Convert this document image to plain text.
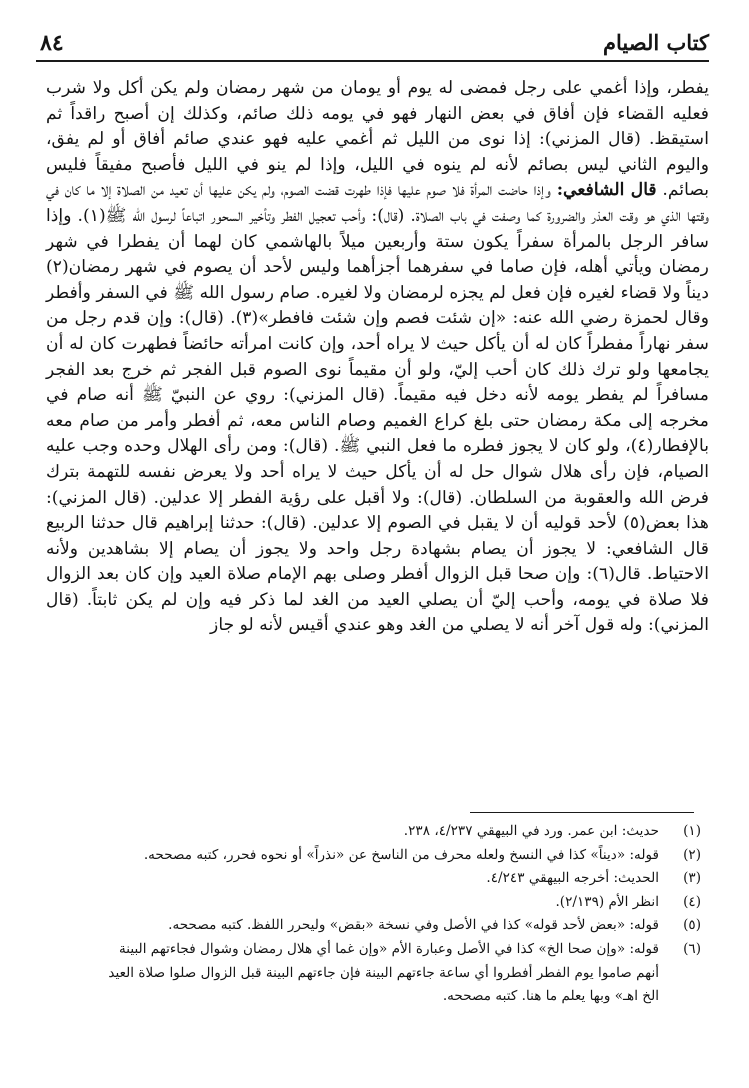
٨٤	كتاب الصيام

يفطر، وإذا أغمي على رجل فمضى له يوم أو يومان من شهر رمضان ولم يكن أكل ولا شرب فعليه القضاء فإن أفاق في بعض النهار فهو في يومه ذلك صائم، وكذلك إن أصبح راقداً ثم استيقظ. (قال المزني): إذا نوى من الليل ثم أغمي عليه فهو عندي صائم أفاق أو لم يفق، واليوم الثاني ليس بصائم لأنه لم ينوه في الليل، وإذا لم ينو في الليل فأصبح مفيقاً فليس بصائم. قال الشافعي: وإذا حاضت المرأة فلا صوم عليها فإذا طهرت قضت الصوم، ولم يكن عليها أن تعيد من الصلاة إلا ما كان في وقتها الذي هو وقت العذر والضرورة كما وصفت في باب الصلاة. (قال): وأحب تعجيل الفطر وتأخير السحور اتباعاً لرسول الله ﷺ(١). وإذا سافر الرجل بالمرأة سفراً يكون ستة وأربعين ميلاً بالهاشمي كان لهما أن يفطرا في شهر رمضان ويأتي أهله، فإن صاما في سفرهما أجزأهما وليس لأحد أن يصوم في شهر رمضان(٢) ديناً ولا قضاء لغيره فإن فعل لم يجزه لرمضان ولا لغيره. صام رسول الله ﷺ في السفر وأفطر وقال لحمزة رضي الله عنه: «إن شئت فصم وإن شئت فافطر»(٣). (قال): وإن قدم رجل من سفر نهاراً مفطراً كان له أن يأكل حيث لا يراه أحد، وإن كانت امرأته حائضاً فطهرت كان له أن يجامعها ولو ترك ذلك كان أحب إليّ، ولو أن مقيماً نوى الصوم قبل الفجر ثم خرج بعد الفجر مسافراً لم يفطر يومه لأنه دخل فيه مقيماً. (قال المزني): روي عن النبيّ ﷺ أنه صام في مخرجه إلى مكة رمضان حتى بلغ كراع الغميم وصام الناس معه، ثم أفطر وأمر من صام معه بالإفطار(٤)، ولو كان لا يجوز فطره ما فعل النبي ﷺ. (قال): ومن رأى الهلال وحده وجب عليه الصيام، فإن رأى هلال شوال حل له أن يأكل حيث لا يراه أحد ولا يعرض نفسه للتهمة بترك فرض الله والعقوبة من السلطان. (قال): ولا أقبل على رؤية الفطر إلا عدلين. (قال المزني): هذا بعض(٥) لأحد قوليه أن لا يقبل في الصوم إلا عدلين. (قال): حدثنا إبراهيم قال حدثنا الربيع قال الشافعي: لا يجوز أن يصام بشهادة رجل واحد ولا يجوز أن يصام إلا بشاهدين ولأنه الاحتياط. قال(٦): وإن صحا قبل الزوال أفطر وصلى بهم الإمام صلاة العيد وإن كان بعد الزوال فلا صلاة في يومه، وأحب إليّ أن يصلي العيد من الغد لما ذكر فيه وإن لم يكن ثابتاً. (قال المزني): وله قول آخر أنه لا يصلي من الغد وهو عندي أقيس لأنه لو جاز

(١)
حديث: ابن عمر. ورد في البيهقي ٤/٢٣٧، ٢٣٨.
(٢)
قوله: «ديناً» كذا في النسخ ولعله محرف من الناسخ عن «نذراً» أو نحوه فحرر، كتبه مصححه.
(٣)
الحديث: أخرجه البيهقي ٤/٢٤٣.
(٤)
انظر الأم (٢/١٣٩).
(٥)
قوله: «بعض لأحد قوله» كذا في الأصل وفي نسخة «بقض» وليحرر اللفظ. كتبه مصححه.
(٦)
قوله: «وإن صحا الخ» كذا في الأصل وعبارة الأم «وإن غما أي هلال رمضان وشوال فجاءتهم البينة أنهم صاموا يوم الفطر أفطروا أي ساعة جاءتهم البينة فإن جاءتهم البينة قبل الزوال صلوا صلاة العيد الخ اهـ» وبها يعلم ما هنا. كتبه مصححه.
